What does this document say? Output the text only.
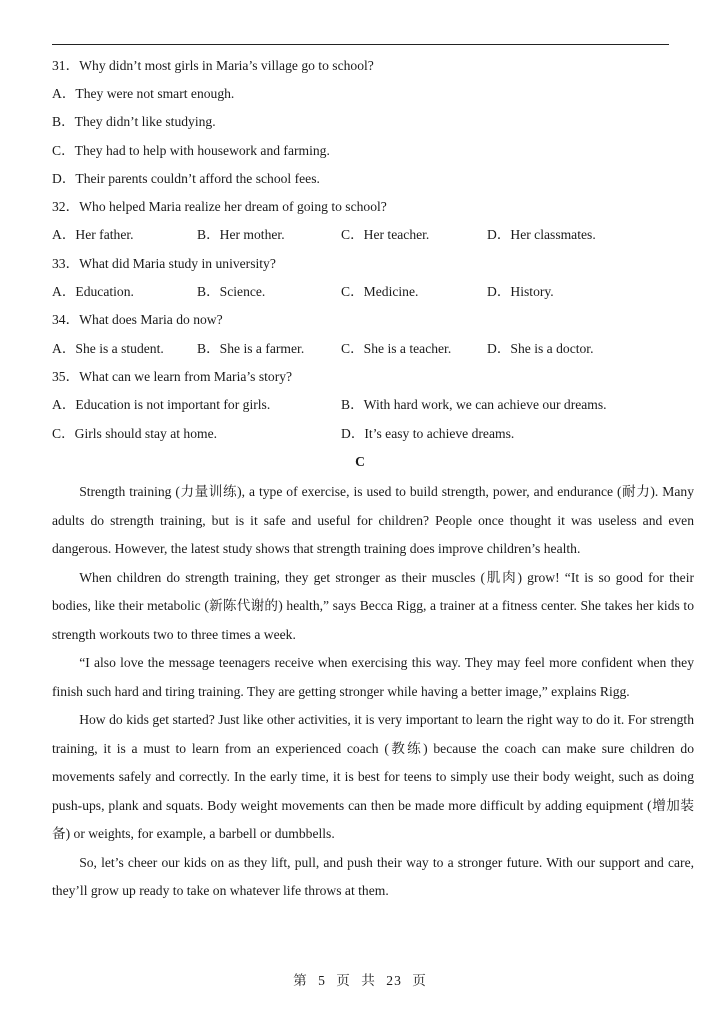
31．Why didn’t most girls in Maria’s village go to school?
A．They were not smart enough.
B．They didn’t like studying.
C．They had to help with housework and farming.
D．Their parents couldn’t afford the school fees.
32．Who helped Maria realize her dream of going to school?
A．Her father.	B．Her mother.	C．Her teacher.	D．Her classmates.
33．What did Maria study in university?
A．Education.	B．Science.	C．Medicine.	D．History.
34．What does Maria do now?
A．She is a student. B．She is a farmer.	C．She is a teacher.	D．She is a doctor.
35．What can we learn from Maria’s story?
A．Education is not important for girls.	B．With hard work, we can achieve our dreams.
C．Girls should stay at home.	D．It’s easy to achieve dreams.
C

Strength training (力量训练), a type of exercise, is used to build strength, power, and endurance (耐力). Many adults do strength training, but is it safe and useful for children? People once thought it was useless and even dangerous. However, the latest study shows that strength training does improve children’s health.

When children do strength training, they get stronger as their muscles (肌肉) grow! “It is so good for their bodies, like their metabolic (新陈代谢的) health,” says Becca Rigg, a trainer at a fitness center. She takes her kids to strength workouts two to three times a week.

“I also love the message teenagers receive when exercising this way. They may feel more confident when they finish such hard and tiring training. They are getting stronger while having a better image,” explains Rigg.

How do kids get started? Just like other activities, it is very important to learn the right way to do it. For strength training, it is a must to learn from an experienced coach (教练) because the coach can make sure children do movements safely and correctly. In the early time, it is best for teens to simply use their body weight, such as doing push-ups, plank and squats. Body weight movements can then be made more difficult by adding equipment (增加装备) or weights, for example, a barbell or dumbbells.

So, let’s cheer our kids on as they lift, pull, and push their way to a stronger future. With our support and care, they’ll grow up ready to take on whatever life throws at them.

第 5 页 共 23 页
